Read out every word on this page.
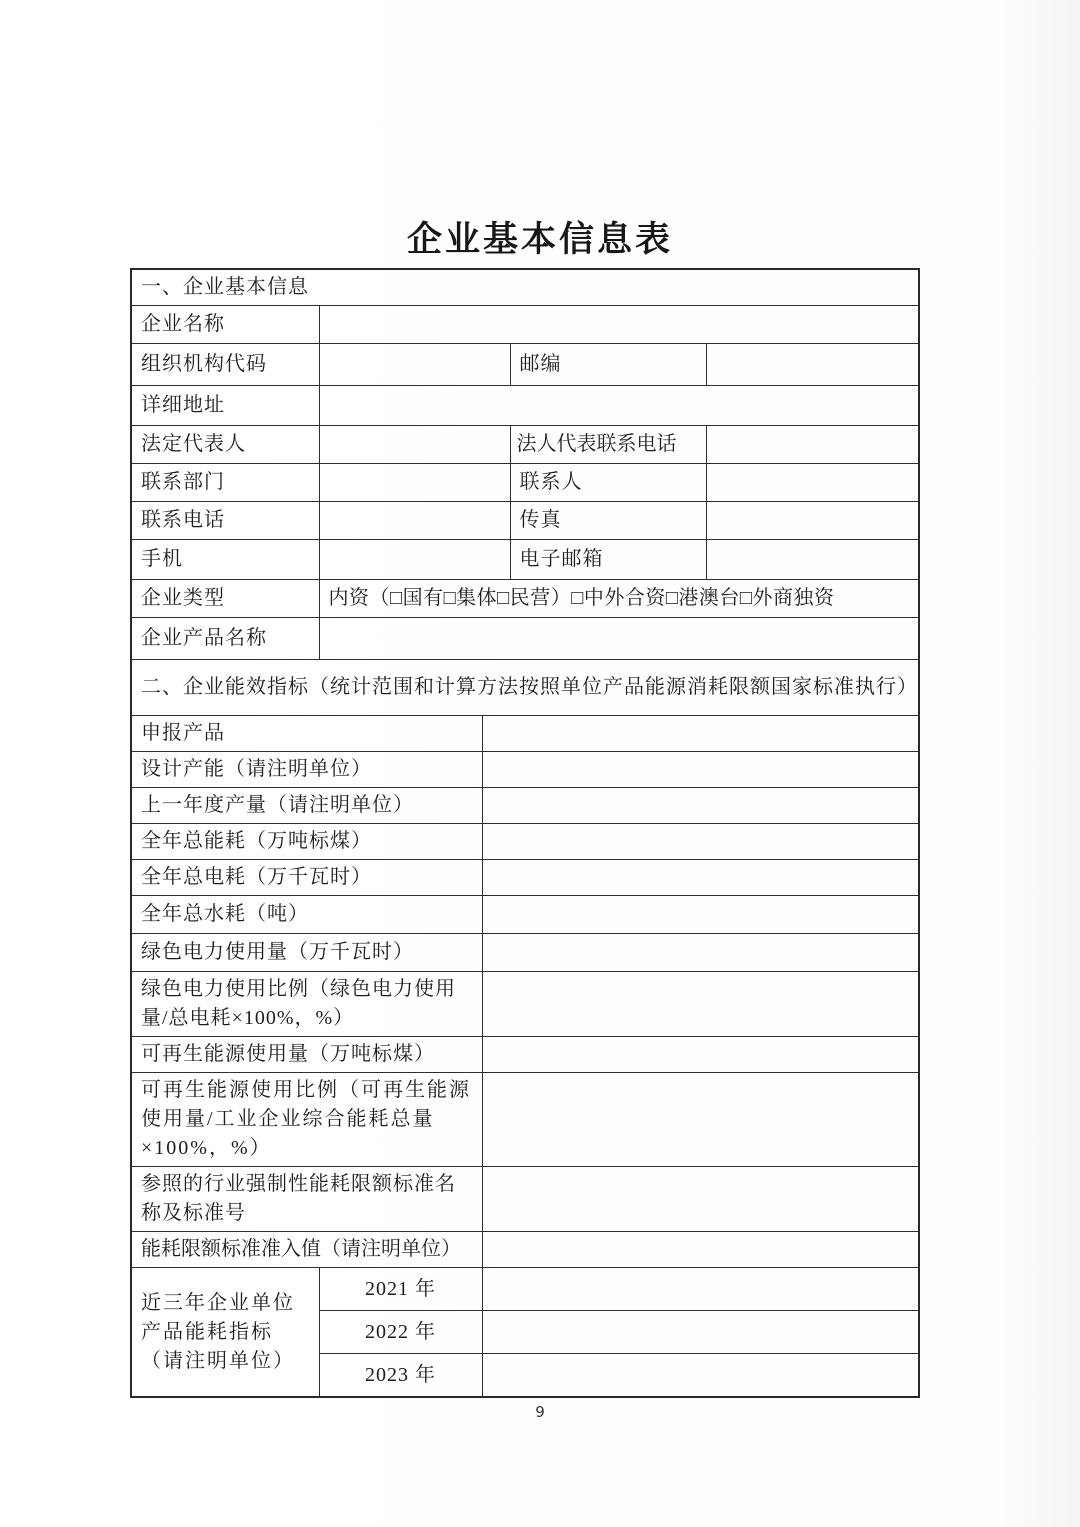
企业基本信息表
一、企业基本信息				
企业名称				
组织机构代码			邮编	
详细地址				
法定代表人			法人代表联系电话	
联系部门			联系人	
联系电话			传真	
手机			电子邮箱	
企业类型	内资（□国有□集体□民营）□中外合资□港澳台□外商独资			
企业产品名称				
二、企业能效指标（统计范围和计算方法按照单位产品能源消耗限额国家标准执行）				
申报产品				
设计产能（请注明单位）				
上一年度产量（请注明单位）				
全年总能耗（万吨标煤）				
全年总电耗（万千瓦时）				
全年总水耗（吨）				
绿色电力使用量（万千瓦时）				
绿色电力使用比例（绿色电力使用量/总电耗×100%，%）				
可再生能源使用量（万吨标煤）				
可再生能源使用比例（可再生能源使用量/工业企业综合能耗总量×100%，%）				
参照的行业强制性能耗限额标准名称及标准号				
能耗限额标准准入值（请注明单位）				
近三年企业单位产品能耗指标（请注明单位）	2021 年			
	2022 年			
	2023 年			
9
